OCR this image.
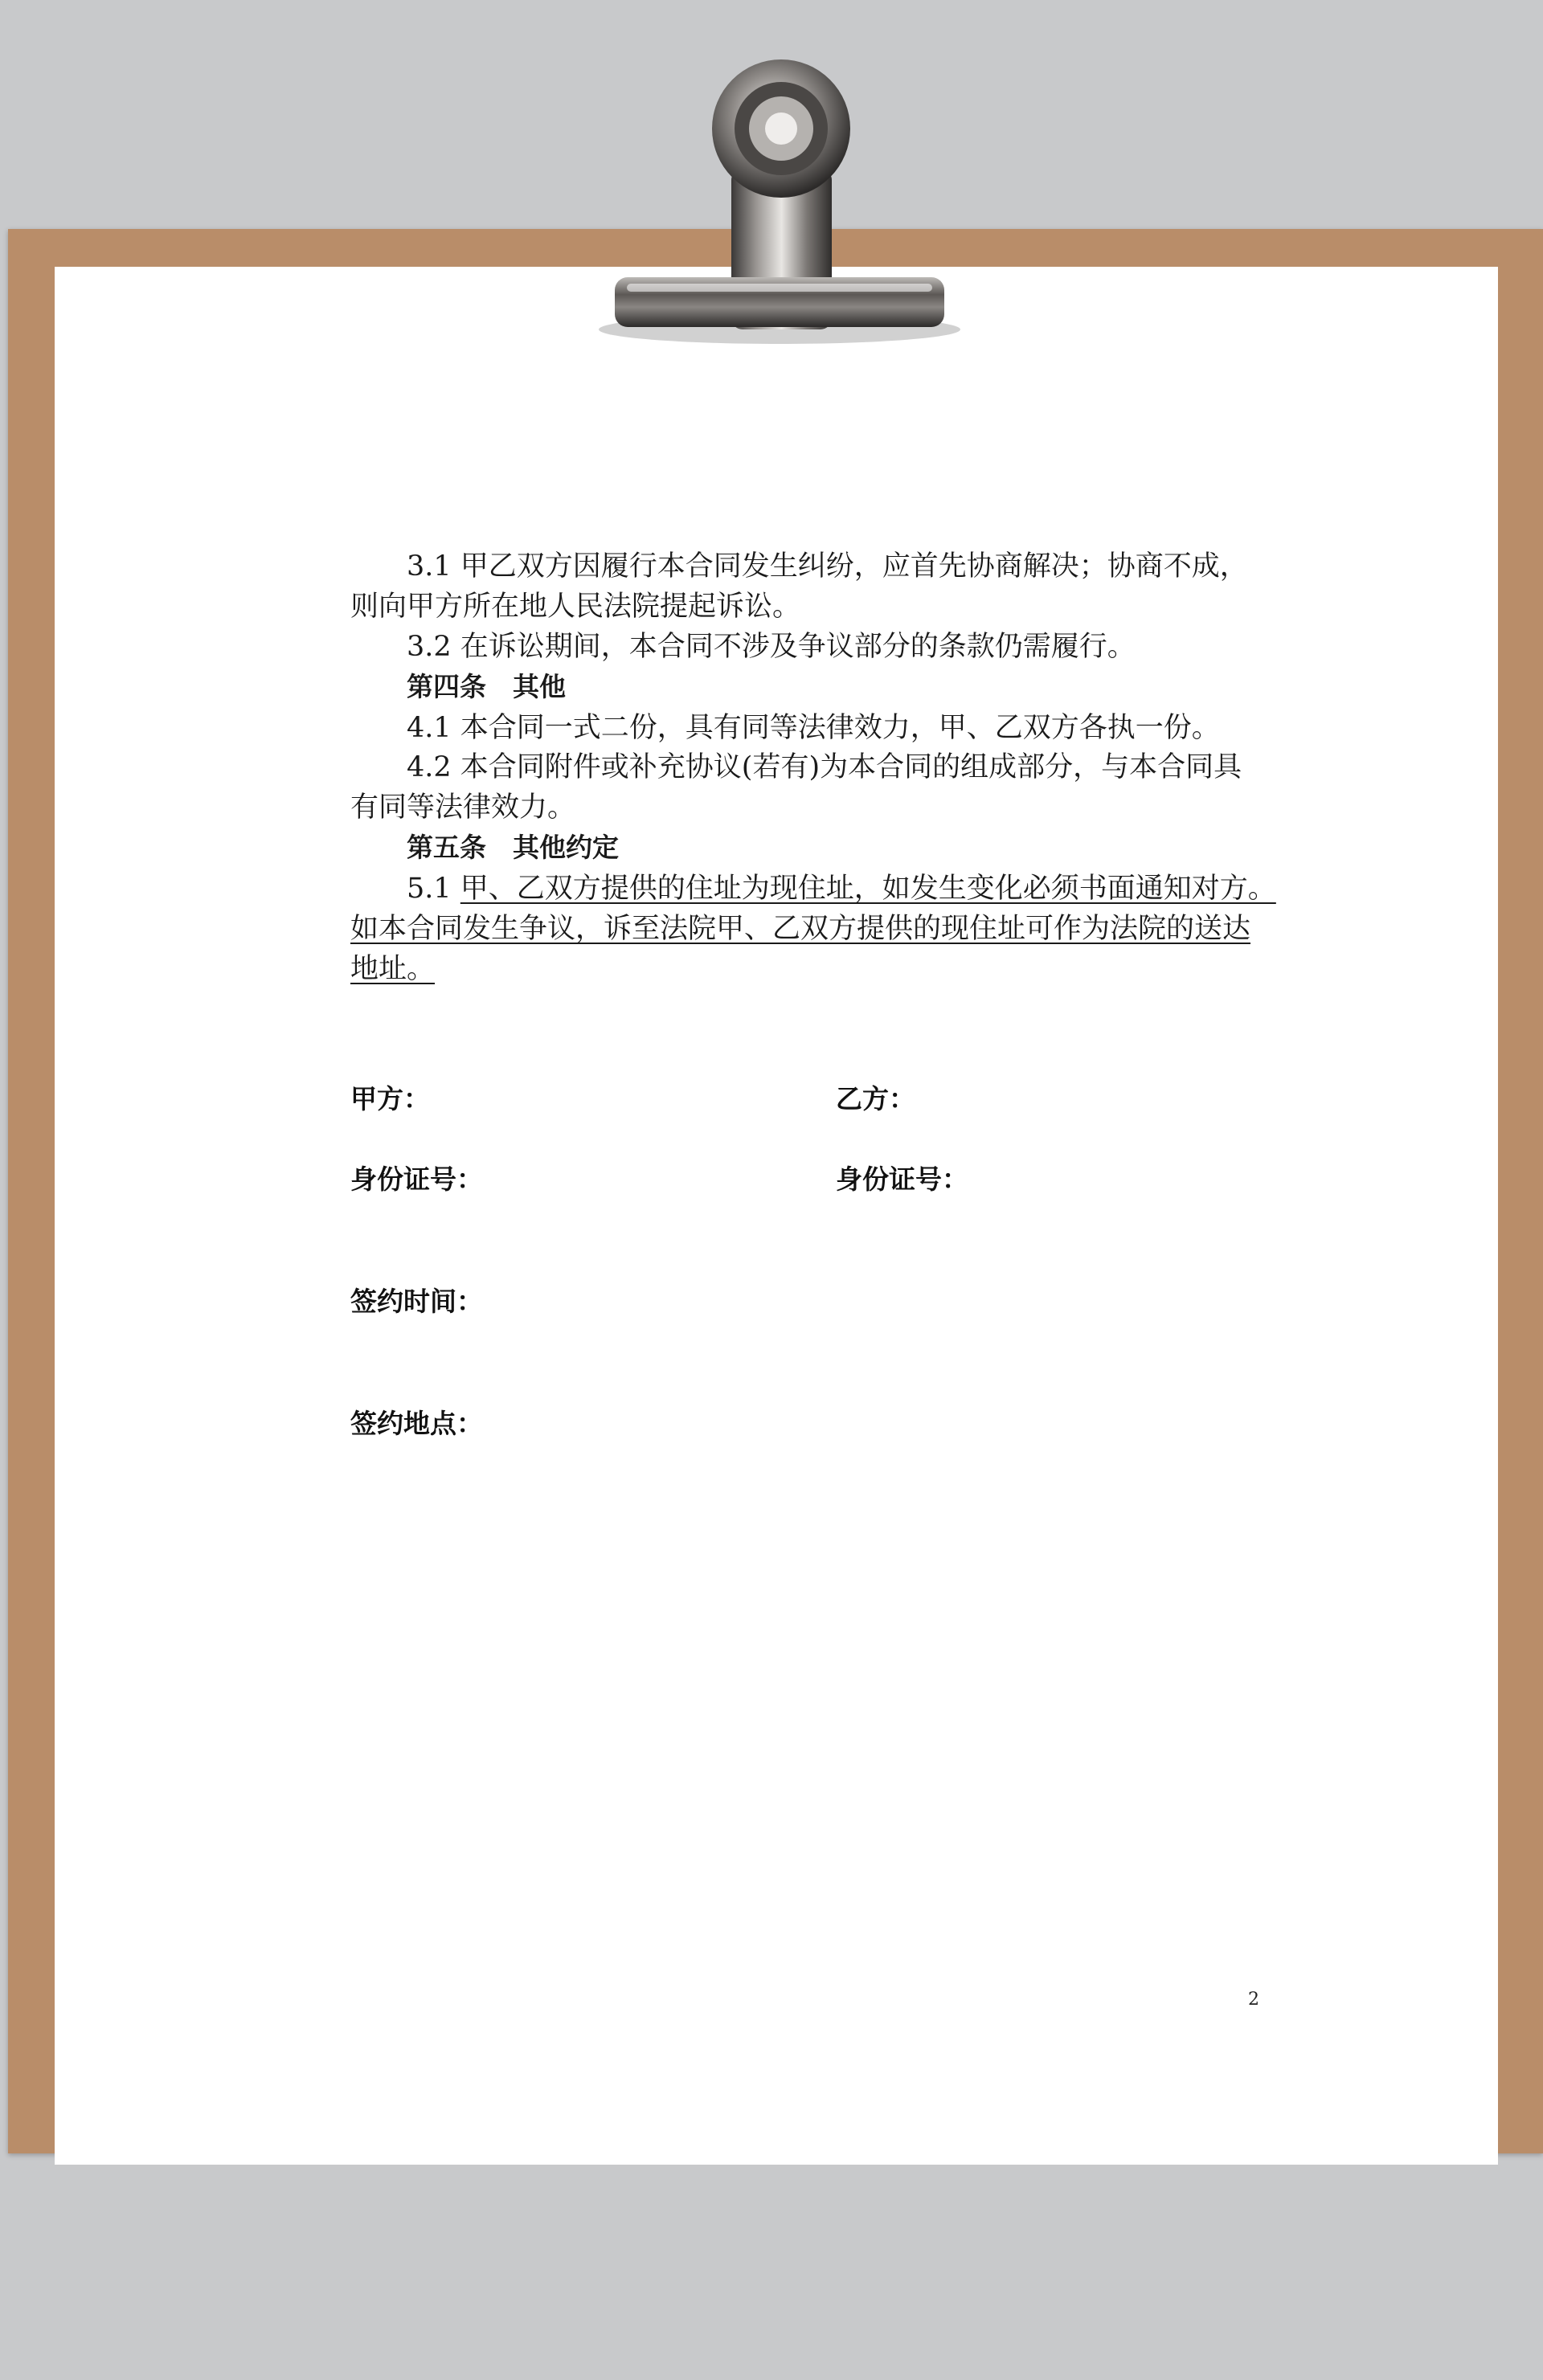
3.1 甲乙双方因履行本合同发生纠纷，应首先协商解决；协商不成，

则向甲方所在地人民法院提起诉讼。

3.2 在诉讼期间，本合同不涉及争议部分的条款仍需履行。

第四条　其他

4.1 本合同一式二份，具有同等法律效力，甲、乙双方各执一份。

4.2 本合同附件或补充协议(若有)为本合同的组成部分，与本合同具

有同等法律效力。

第五条　其他约定

5.1 甲、乙双方提供的住址为现住址，如发生变化必须书面通知对方。

如本合同发生争议，诉至法院甲、乙双方提供的现住址可作为法院的送达

地址。

甲方：	乙方：
身份证号：	身份证号：
签约时间：
签约地点：
2
